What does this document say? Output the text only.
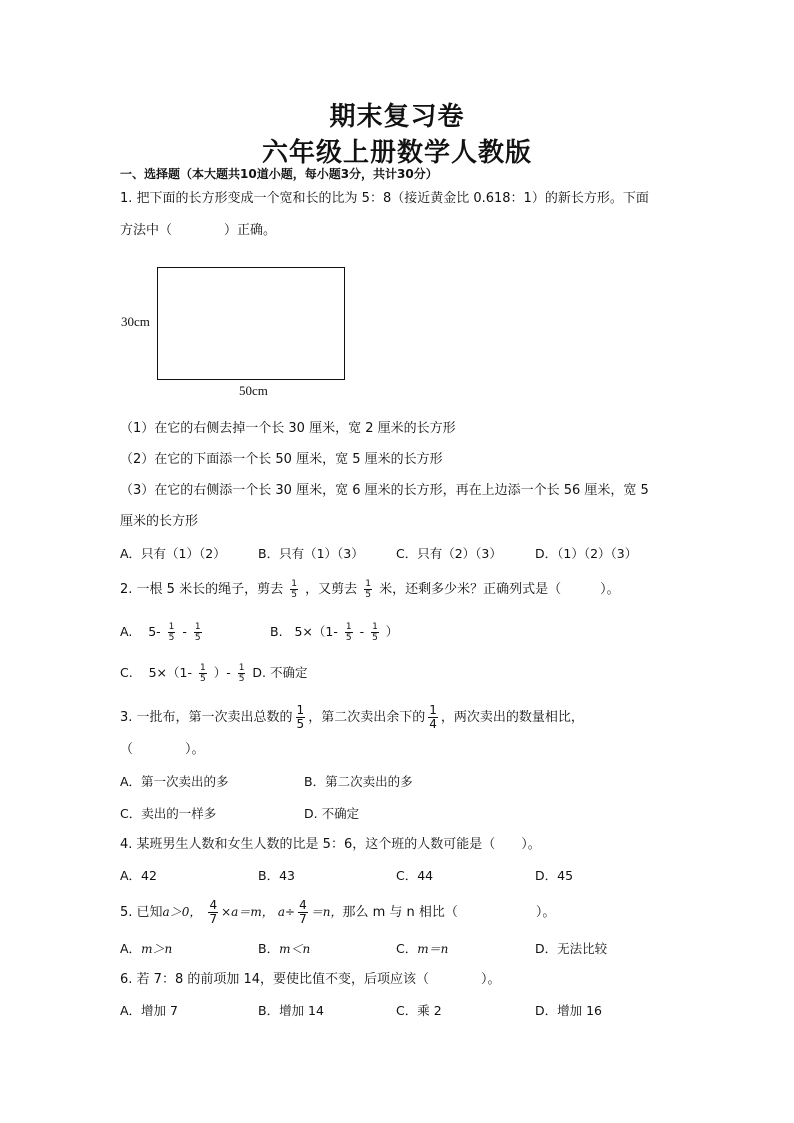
期末复习卷
六年级上册数学人教版
一、选择题（本大题共10道小题，每小题3分，共计30分）
1. 把下面的长方形变成一个宽和长的比为 5：8（接近黄金比 0.618：1）的新长方形。下面
方法中（　　　　）正确。
30cm
50cm
（1）在它的右侧去掉一个长 30 厘米，宽 2 厘米的长方形
（2）在它的下面添一个长 50 厘米，宽 5 厘米的长方形
（3）在它的右侧添一个长 30 厘米，宽 6 厘米的长方形，再在上边添一个长 56 厘米，宽 5
厘米的长方形
A．只有（1）（2）	B．只有（1）（3）	C．只有（2）（3）	D．（1）（2）（3）
2. 一根 5 米长的绳子，剪去 $\frac{1}{5}$ ，又剪去 $\frac{1}{5}$ 米，还剩多少米？正确列式是（　　　）。
A. $5- \frac{1}{5} - \frac{1}{5}$	B. $5\times(1- \frac{1}{5} - \frac{1}{5}$ ）
C. $5\times(1- \frac{1}{5}$ ）- $\frac{1}{5} D$. 不确定
3. 一批布，第一次卖出总数的 $\frac{1}{5}$ ，第二次卖出余下的 $\frac{1}{4}$ ，两次卖出的数量相比，
（　　　　）。
A．第一次卖出的多	B．第二次卖出的多
C．卖出的一样多	D. 不确定
4. 某班男生人数和女生人数的比是 5：6，这个班的人数可能是（　　）。
A．42	B．43	C．44	D．45
5. 已知a＞0， $\frac{4}{7} \times a=m$， $a\div \frac{4}{7} =n$，那么 m 与 n 相比（　　　　　　）。
A．m＞n	B．m＜n	C．m＝n	D．无法比较
6. 若 7：8 的前项加 14，要使比值不变，后项应该（　　　　）。
A．增加 7	B．增加 14	C．乘 2	D．增加 16
